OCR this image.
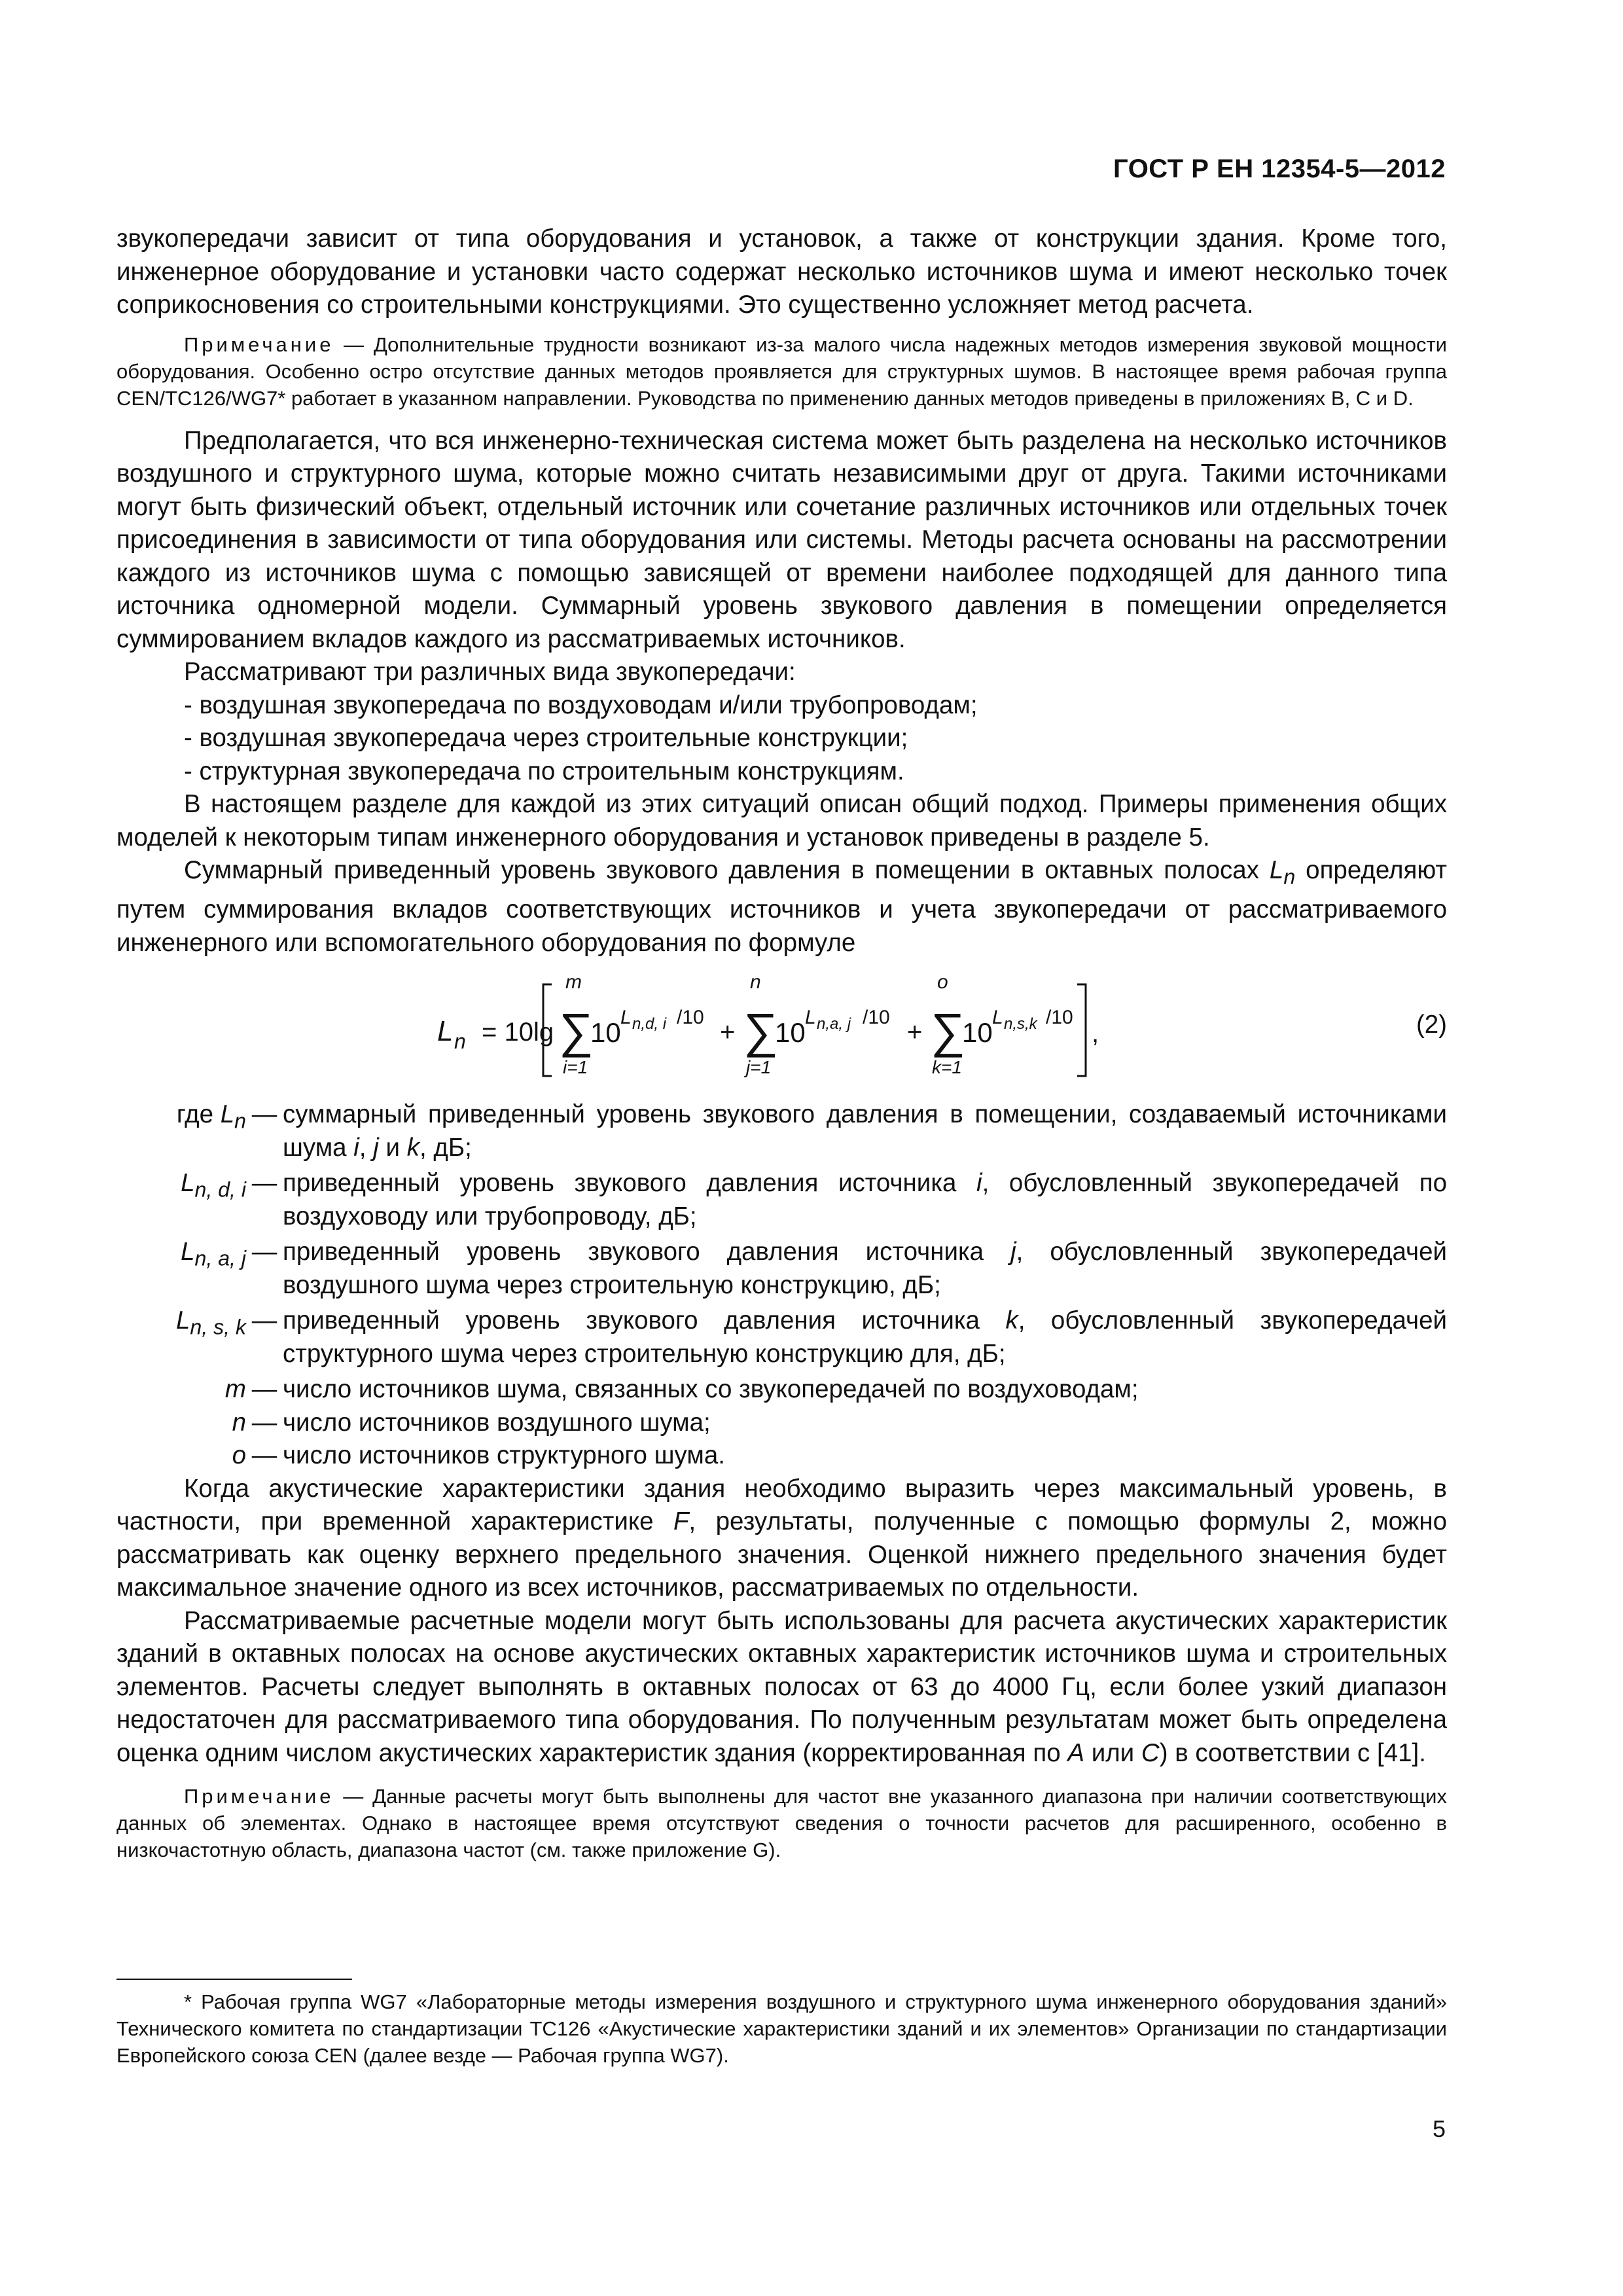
ГОСТ Р ЕН 12354-5—2012

звукопередачи зависит от типа оборудования и установок, а также от конструкции здания. Кроме того, инженерное оборудование и установки часто содержат несколько источников шума и имеют несколько точек соприкосновения со строительными конструкциями. Это существенно усложняет метод расчета.

Примечание — Дополнительные трудности возникают из-за малого числа надежных методов измерения звуковой мощности оборудования. Особенно остро отсутствие данных методов проявляется для структурных шумов. В настоящее время рабочая группа CEN/TC126/WG7* работает в указанном направлении. Руководства по применению данных методов приведены в приложениях В, С и D.

Предполагается, что вся инженерно-техническая система может быть разделена на несколько источников воздушного и структурного шума, которые можно считать независимыми друг от друга. Такими источниками могут быть физический объект, отдельный источник или сочетание различных источников или отдельных точек присоединения в зависимости от типа оборудования или системы. Методы расчета основаны на рассмотрении каждого из источников шума с помощью зависящей от времени наиболее подходящей для данного типа источника одномерной модели. Суммарный уровень звукового давления в помещении определяется суммированием вкладов каждого из рассматриваемых источников.

Рассматривают три различных вида звукопередачи:

- воздушная звукопередача по воздуховодам и/или трубопроводам;
- воздушная звукопередача через строительные конструкции;
- структурная звукопередача по строительным конструкциям.

В настоящем разделе для каждой из этих ситуаций описан общий подход. Примеры применения общих моделей к некоторым типам инженерного оборудования и установок приведены в разделе 5.

Суммарный приведенный уровень звукового давления в помещении в октавных полосах $L_n$ определяют путем суммирования вкладов соответствующих источников и учета звукопередачи от рассматриваемого инженерного или вспомогательного оборудования по формуле

L n = 10lg
m
∑
i=1
10 L n,d, i /10
+
n
∑
j=1
10 L n,a, j /10
+
o
∑
k=1
10 L n,s,k /10
,	(2)
где $L_n$ — суммарный приведенный уровень звукового давления в помещении, создаваемый источниками шума i, j и k, дБ;
$L_{n, d, i}$ — приведенный уровень звукового давления источника i, обусловленный звукопередачей по воздуховоду или трубопроводу, дБ;
$L_{n, a, j}$ — приведенный уровень звукового давления источника j, обусловленный звукопередачей воздушного шума через строительную конструкцию, дБ;
$L_{n, s, k}$ — приведенный уровень звукового давления источника k, обусловленный звукопередачей структурного шума через строительную конструкцию для, дБ;
m — число источников шума, связанных со звукопередачей по воздуховодам;
n — число источников воздушного шума;
o — число источников структурного шума.

Когда акустические характеристики здания необходимо выразить через максимальный уровень, в частности, при временной характеристике F, результаты, полученные с помощью формулы 2, можно рассматривать как оценку верхнего предельного значения. Оценкой нижнего предельного значения будет максимальное значение одного из всех источников, рассматриваемых по отдельности.

Рассматриваемые расчетные модели могут быть использованы для расчета акустических характеристик зданий в октавных полосах на основе акустических октавных характеристик источников шума и строительных элементов. Расчеты следует выполнять в октавных полосах от 63 до 4000 Гц, если более узкий диапазон недостаточен для рассматриваемого типа оборудования. По полученным результатам может быть определена оценка одним числом акустических характеристик здания (корректированная по А или С) в соответствии с [41].

Примечание — Данные расчеты могут быть выполнены для частот вне указанного диапазона при наличии соответствующих данных об элементах. Однако в настоящее время отсутствуют сведения о точности расчетов для расширенного, особенно в низкочастотную область, диапазона частот (см. также приложение G).

* Рабочая группа WG7 «Лабораторные методы измерения воздушного и структурного шума инженерного оборудования зданий» Технического комитета по стандартизации ТС126 «Акустические характеристики зданий и их элементов» Организации по стандартизации Европейского союза CEN (далее везде — Рабочая группа WG7).

5
